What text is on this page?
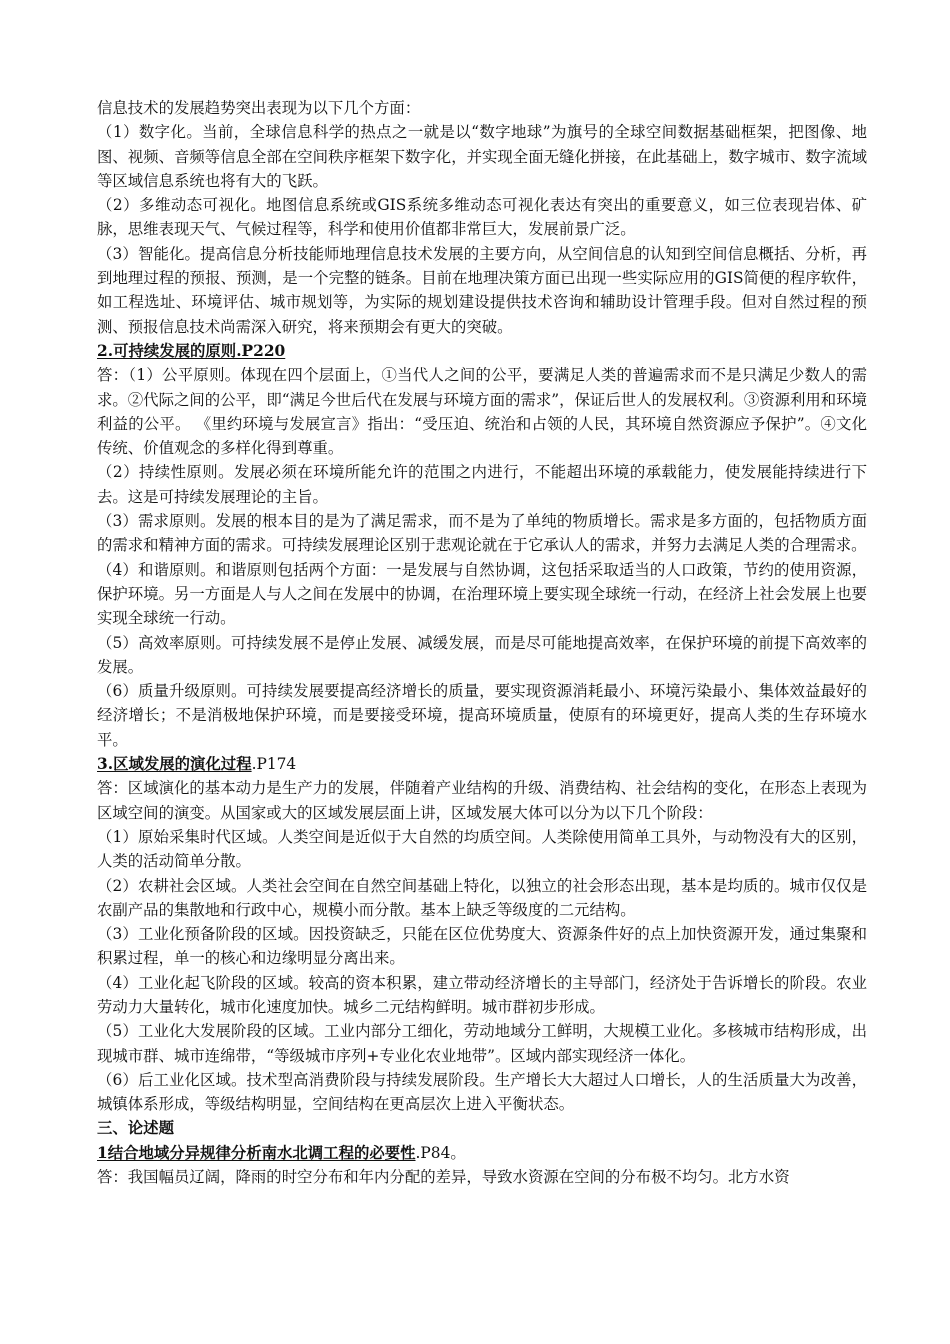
信息技术的发展趋势突出表现为以下几个方面：

（1）数字化。当前，全球信息科学的热点之一就是以“数字地球”为旗号的全球空间数据基础框架，把图像、地图、视频、音频等信息全部在空间秩序框架下数字化，并实现全面无缝化拼接，在此基础上，数字城市、数字流域等区域信息系统也将有大的飞跃。

（2）多维动态可视化。地图信息系统或GIS系统多维动态可视化表达有突出的重要意义，如三位表现岩体、矿脉，思维表现天气、气候过程等，科学和使用价值都非常巨大，发展前景广泛。

（3）智能化。提高信息分析技能师地理信息技术发展的主要方向，从空间信息的认知到空间信息概括、分析，再到地理过程的预报、预测，是一个完整的链条。目前在地理决策方面已出现一些实际应用的GIS简便的程序软件，如工程选址、环境评估、城市规划等，为实际的规划建设提供技术咨询和辅助设计管理手段。但对自然过程的预测、预报信息技术尚需深入研究，将来预期会有更大的突破。

2.可持续发展的原则.P220

答：（1）公平原则。体现在四个层面上，①当代人之间的公平，要满足人类的普遍需求而不是只满足少数人的需求。②代际之间的公平，即“满足今世后代在发展与环境方面的需求”，保证后世人的发展权利。③资源利用和环境利益的公平。 《里约环境与发展宣言》指出：“受压迫、统治和占领的人民，其环境自然资源应予保护”。④文化传统、价值观念的多样化得到尊重。

（2）持续性原则。发展必须在环境所能允许的范围之内进行，不能超出环境的承载能力，使发展能持续进行下去。这是可持续发展理论的主旨。

（3）需求原则。发展的根本目的是为了满足需求，而不是为了单纯的物质增长。需求是多方面的，包括物质方面的需求和精神方面的需求。可持续发展理论区别于悲观论就在于它承认人的需求，并努力去满足人类的合理需求。

（4）和谐原则。和谐原则包括两个方面：一是发展与自然协调，这包括采取适当的人口政策，节约的使用资源，保护环境。另一方面是人与人之间在发展中的协调，在治理环境上要实现全球统一行动，在经济上社会发展上也要实现全球统一行动。

（5）高效率原则。可持续发展不是停止发展、减缓发展，而是尽可能地提高效率，在保护环境的前提下高效率的发展。

（6）质量升级原则。可持续发展要提高经济增长的质量，要实现资源消耗最小、环境污染最小、集体效益最好的经济增长；不是消极地保护环境，而是要接受环境，提高环境质量，使原有的环境更好，提高人类的生存环境水平。

3.区域发展的演化过程.P174

答：区域演化的基本动力是生产力的发展，伴随着产业结构的升级、消费结构、社会结构的变化，在形态上表现为区域空间的演变。从国家或大的区域发展层面上讲，区域发展大体可以分为以下几个阶段：

（1）原始采集时代区域。人类空间是近似于大自然的均质空间。人类除使用简单工具外，与动物没有大的区别，人类的活动简单分散。

（2）农耕社会区域。人类社会空间在自然空间基础上特化，以独立的社会形态出现，基本是均质的。城市仅仅是农副产品的集散地和行政中心，规模小而分散。基本上缺乏等级度的二元结构。

（3）工业化预备阶段的区域。因投资缺乏，只能在区位优势度大、资源条件好的点上加快资源开发，通过集聚和积累过程，单一的核心和边缘明显分离出来。

（4）工业化起飞阶段的区域。较高的资本积累，建立带动经济增长的主导部门，经济处于告诉增长的阶段。农业劳动力大量转化，城市化速度加快。城乡二元结构鲜明。城市群初步形成。

（5）工业化大发展阶段的区域。工业内部分工细化，劳动地域分工鲜明，大规模工业化。多核城市结构形成，出现城市群、城市连绵带，“等级城市序列+专业化农业地带”。区域内部实现经济一体化。

（6）后工业化区域。技术型高消费阶段与持续发展阶段。生产增长大大超过人口增长，人的生活质量大为改善，城镇体系形成，等级结构明显，空间结构在更高层次上进入平衡状态。

三、论述题

1结合地域分异规律分析南水北调工程的必要性.P84。

答：我国幅员辽阔，降雨的时空分布和年内分配的差异，导致水资源在空间的分布极不均匀。北方水资
